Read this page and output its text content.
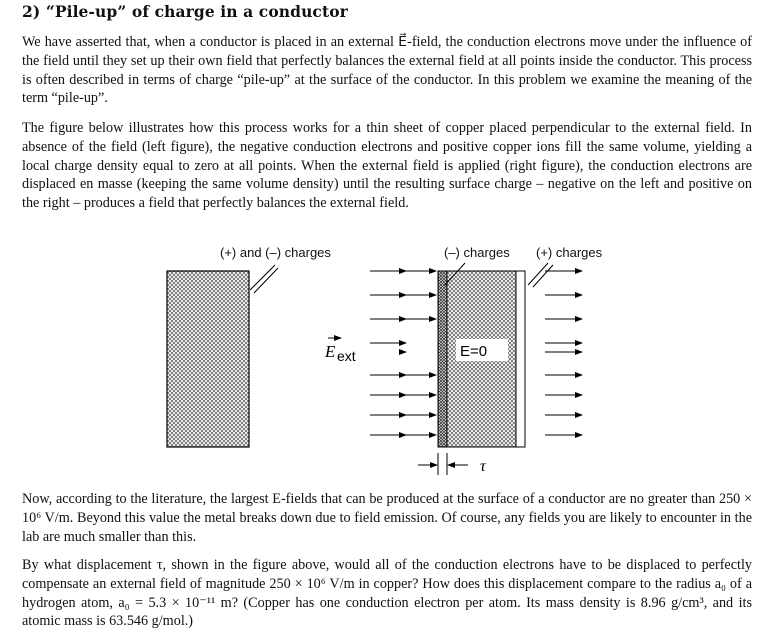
2) “Pile-up” of charge in a conductor
We have asserted that, when a conductor is placed in an external E⃗-field, the conduction electrons move under the influence of the field until they set up their own field that perfectly balances the external field at all points inside the conductor. This process is often described in terms of charge “pile-up” at the surface of the conductor. In this problem we examine the meaning of the term “pile-up”.
The figure below illustrates how this process works for a thin sheet of copper placed perpendicular to the external field. In absence of the field (left figure), the negative conduction electrons and positive copper ions fill the same volume, yielding a local charge density equal to zero at all points. When the external field is applied (right figure), the conduction electrons are displaced en masse (keeping the same volume density) until the resulting surface charge – negative on the left and positive on the right – produces a field that perfectly balances the external field.
(+) and (–) charges	(–) charges (+) charges
E ext	E=0
τ
Now, according to the literature, the largest E-fields that can be produced at the surface of a conductor are no greater than 250 × 10⁶ V/m. Beyond this value the metal breaks down due to field emission. Of course, any fields you are likely to encounter in the lab are much smaller than this.
By what displacement τ, shown in the figure above, would all of the conduction electrons have to be displaced to perfectly compensate an external field of magnitude 250 × 10⁶ V/m in copper? How does this displacement compare to the radius a₀ of a hydrogen atom, a₀ = 5.3 × 10⁻¹¹ m? (Copper has one conduction electron per atom. Its mass density is 8.96 g/cm³, and its atomic mass is 63.546 g/mol.)
